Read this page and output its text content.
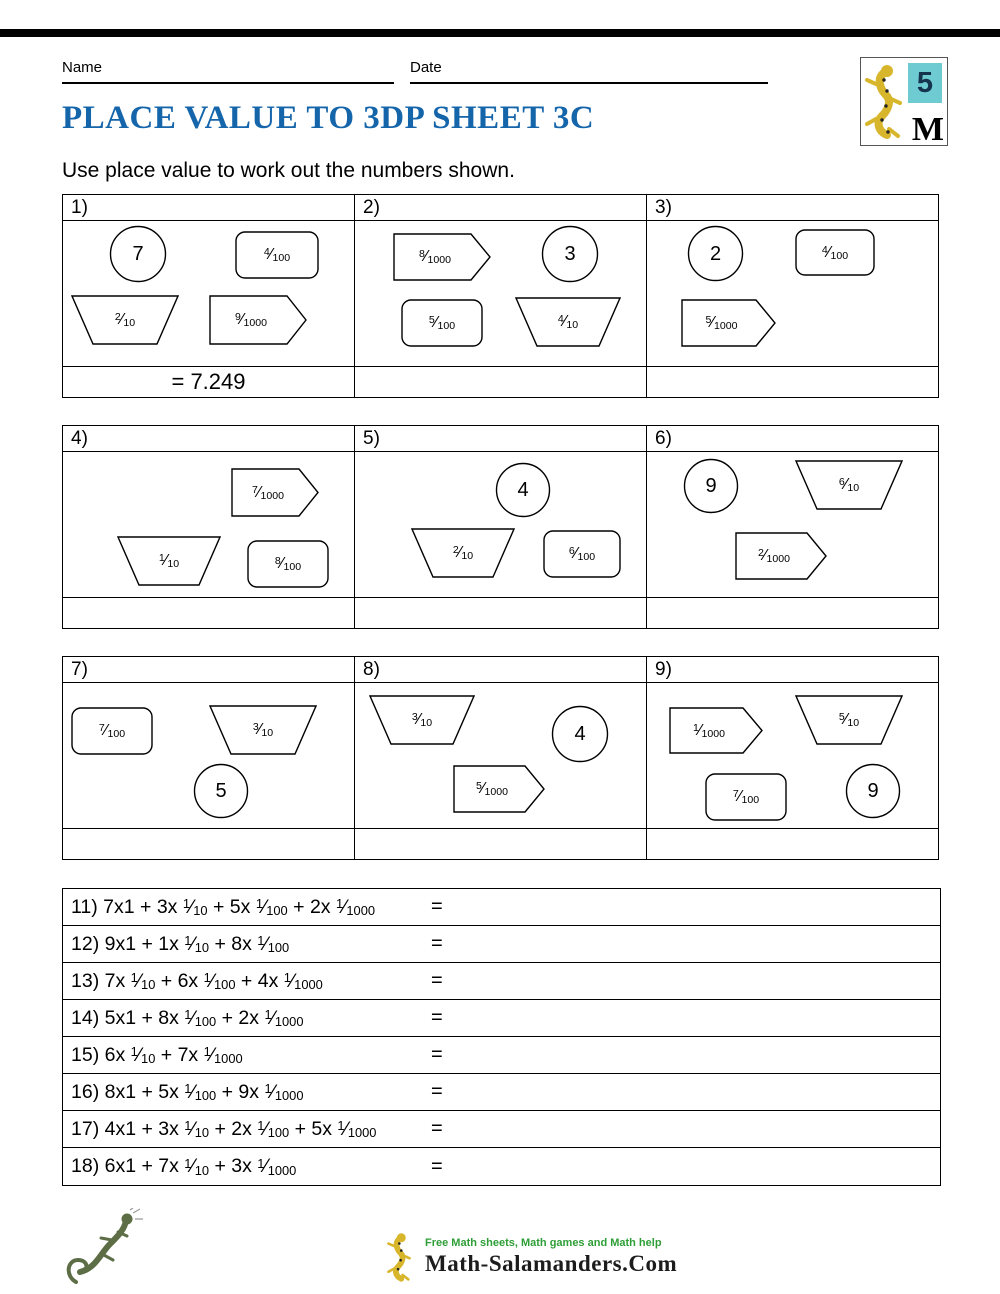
Name	Date	5
M
PLACE VALUE TO 3DP SHEET 3C
Use place value to work out the numbers shown.
1)
7	$^4⁄_{100}$
$^2⁄_{10}$	$^9⁄_{1000}$
= 7.249
2)
$^8⁄_{1000}$	3
$^5⁄_{100}$
$^4⁄_{10}$
3)
2	$^4⁄_{100}$
$^5⁄_{1000}$
4)
$^7⁄_{1000}$
$^1⁄_{10}$	$^8⁄_{100}$
5)
4
$^2⁄_{10}$	$^6⁄_{100}$
6)
9	$^6⁄_{10}$
$^2⁄_{1000}$
7)
$^7⁄_{100}$
$^3⁄_{10}$
5
8)
$^3⁄_{10}$	4
$^5⁄_{1000}$
9)
$^1⁄_{1000}$
$^5⁄_{10}$
$^7⁄_{100}$	9
11) 7x1 + 3x $^1⁄_{10} + 5x$ $^1⁄_{100} + 2x$ $^1⁄_{1000}$	=
12) 9x1 + 1x $^1⁄_{10} + 8x$ $^1⁄_{100}$	=
13) 7x $^1⁄_{10} + 6x$ $^1⁄_{100} + 4x$ $^1⁄_{1000}$	=
14) 5x1 + 8x $^1⁄_{100} + 2x$ $^1⁄_{1000}$	=
15) 6x $^1⁄_{10} + 7x$ $^1⁄_{1000}$	=
16) 8x1 + 5x $^1⁄_{100} + 9x$ $^1⁄_{1000}$	=
17) 4x1 + 3x $^1⁄_{10} + 2x$ $^1⁄_{100} + 5x$ $^1⁄_{1000}$	=
18) 6x1 + 7x $^1⁄_{10} + 3x$ $^1⁄_{1000}$	=
Free Math sheets, Math games and Math help
Math-Salamanders.Com
